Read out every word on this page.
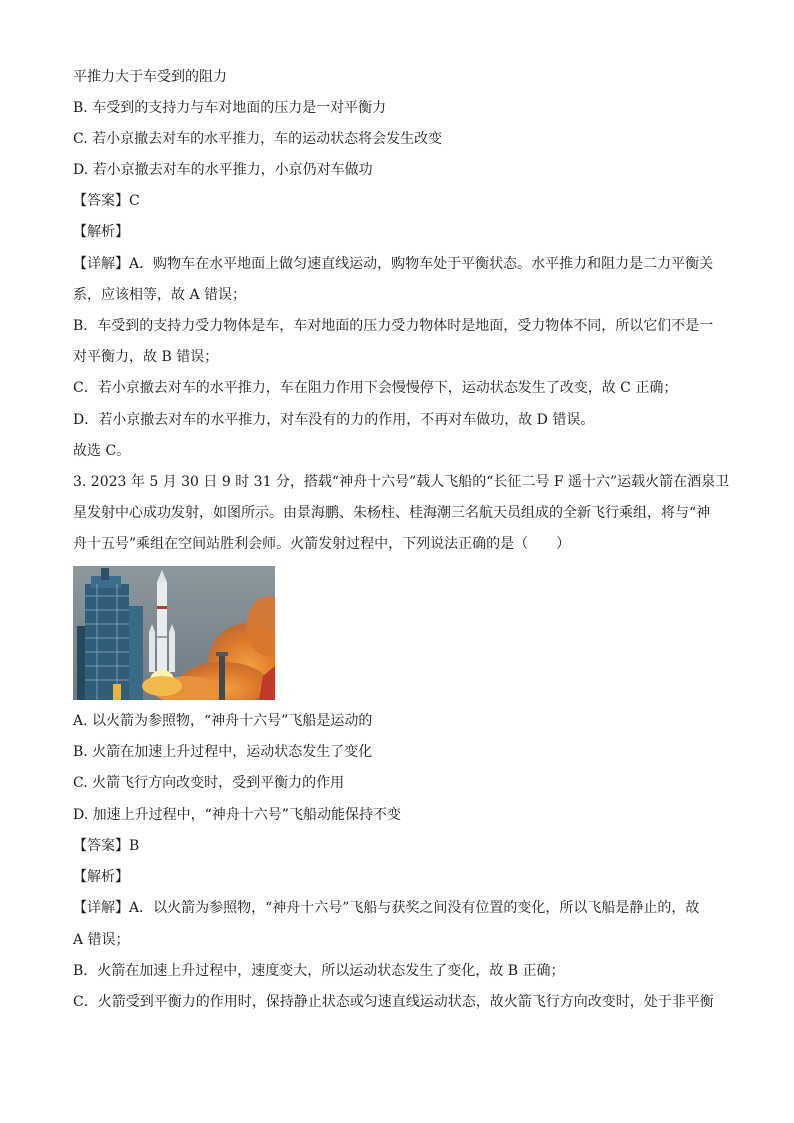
平推力大于车受到的阻力
B. 车受到的支持力与车对地面的压力是一对平衡力
C. 若小京撤去对车的水平推力，车的运动状态将会发生改变
D. 若小京撤去对车的水平推力，小京仍对车做功
【答案】C
【解析】
【详解】A．购物车在水平地面上做匀速直线运动，购物车处于平衡状态。水平推力和阻力是二力平衡关
系，应该相等，故 A 错误；
B．车受到的支持力受力物体是车，车对地面的压力受力物体时是地面，受力物体不同，所以它们不是一
对平衡力，故 B 错误；
C．若小京撤去对车的水平推力，车在阻力作用下会慢慢停下，运动状态发生了改变，故 C 正确；
D．若小京撤去对车的水平推力，对车没有的力的作用，不再对车做功，故 D 错误。
故选 C。
3. 2023 年 5 月 30 日 9 时 31 分，搭载“神舟十六号”载人飞船的“长征二号 F 遥十六”运载火箭在酒泉卫
星发射中心成功发射，如图所示。由景海鹏、朱杨柱、桂海潮三名航天员组成的全新飞行乘组，将与“神
舟十五号”乘组在空间站胜利会师。火箭发射过程中，下列说法正确的是（　　）
A. 以火箭为参照物，“神舟十六号”飞船是运动的
B. 火箭在加速上升过程中，运动状态发生了变化
C. 火箭飞行方向改变时，受到平衡力的作用
D. 加速上升过程中，“神舟十六号”飞船动能保持不变
【答案】B
【解析】
【详解】A．以火箭为参照物，“神舟十六号”飞船与获奖之间没有位置的变化，所以飞船是静止的，故
A 错误；
B．火箭在加速上升过程中，速度变大，所以运动状态发生了变化，故 B 正确；
C．火箭受到平衡力的作用时，保持静止状态或匀速直线运动状态，故火箭飞行方向改变时，处于非平衡
